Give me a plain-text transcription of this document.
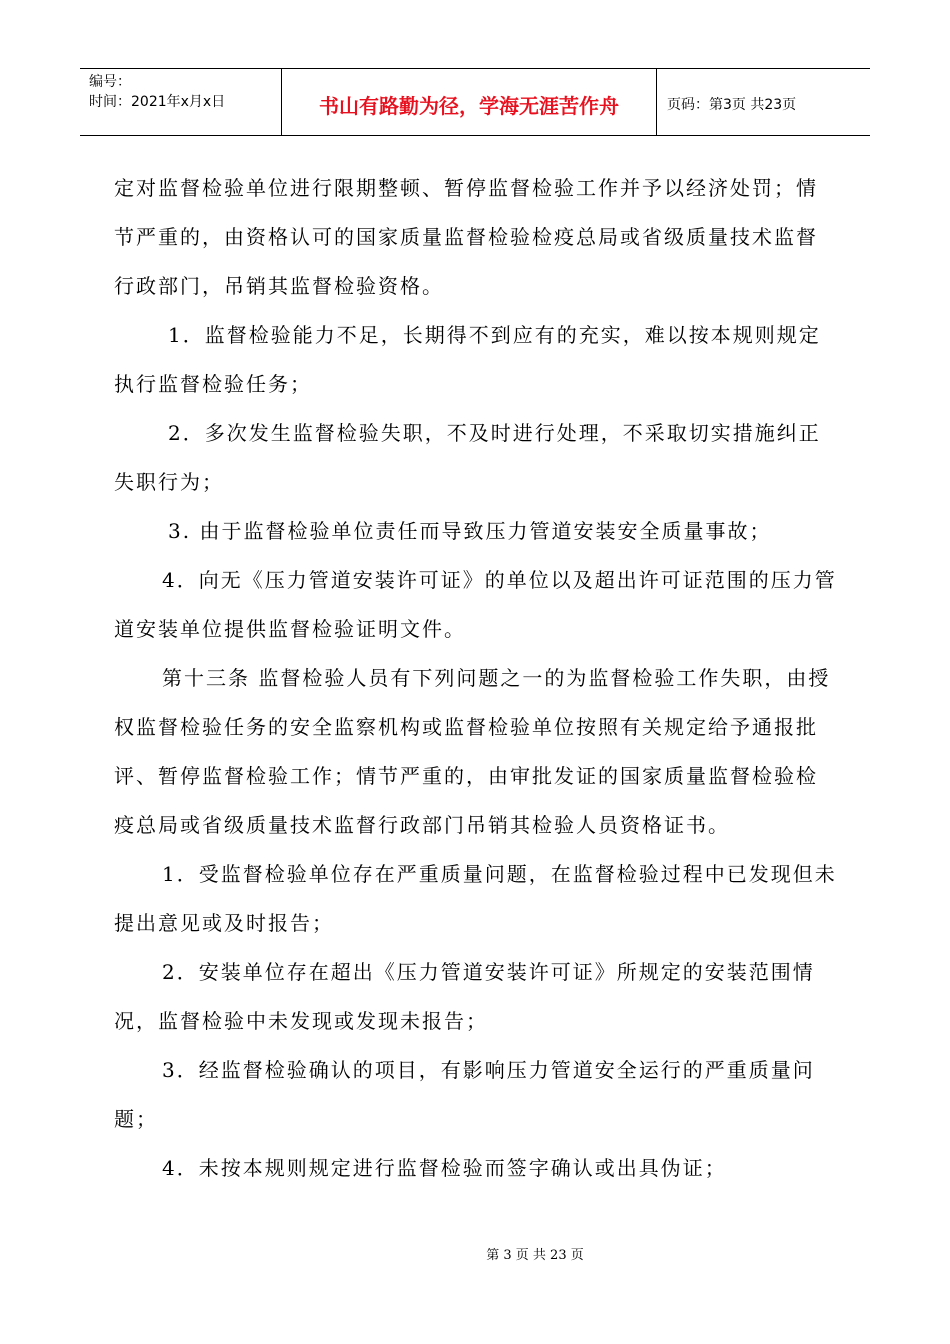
编号：
时间：2021年x月x日	书山有路勤为径，学海无涯苦作舟	页码：第3页 共23页

定对监督检验单位进行限期整顿、暂停监督检验工作并予以经济处罚；情节严重的，由资格认可的国家质量监督检验检疫总局或省级质量技术监督行政部门，吊销其监督检验资格。

1．监督检验能力不足，长期得不到应有的充实，难以按本规则规定执行监督检验任务；

2．多次发生监督检验失职，不及时进行处理，不采取切实措施纠正失职行为；

3. 由于监督检验单位责任而导致压力管道安装安全质量事故；

4．向无《压力管道安装许可证》的单位以及超出许可证范围的压力管道安装单位提供监督检验证明文件。

第十三条 监督检验人员有下列问题之一的为监督检验工作失职，由授权监督检验任务的安全监察机构或监督检验单位按照有关规定给予通报批评、暂停监督检验工作；情节严重的，由审批发证的国家质量监督检验检疫总局或省级质量技术监督行政部门吊销其检验人员资格证书。

1．受监督检验单位存在严重质量问题，在监督检验过程中已发现但未提出意见或及时报告；

2．安装单位存在超出《压力管道安装许可证》所规定的安装范围情况，监督检验中未发现或发现未报告；

3．经监督检验确认的项目，有影响压力管道安全运行的严重质量问题；

4．未按本规则规定进行监督检验而签字确认或出具伪证；

第 3 页 共 23 页
